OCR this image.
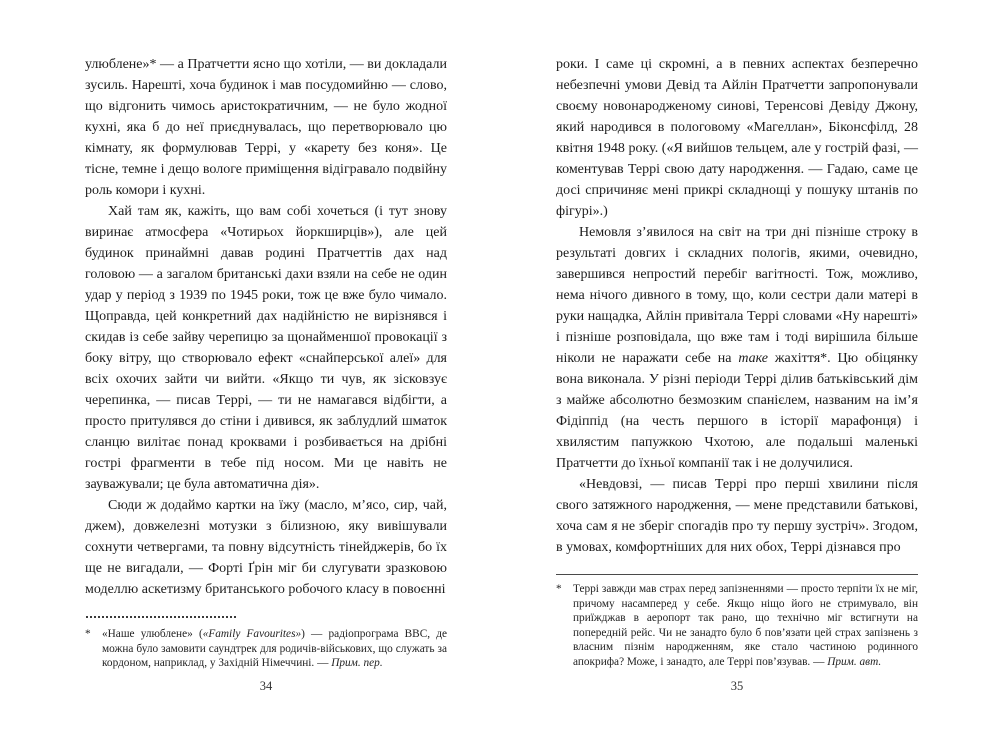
улюблене»* — а Пратчетти ясно що хотіли, — ви докладали зусиль. Нарешті, хоча будинок і мав посудомийню — слово, що відгонить чимось аристократичним, — не було жодної кухні, яка б до неї приєднувалась, що перетворювало цю кімнату, як формулював Террі, у «карету без коня». Це тісне, темне і дещо вологе приміщення відігравало подвійну роль комори і кухні.

Хай там як, кажіть, що вам собі хочеться (і тут знову виринає атмосфера «Чотирьох йоркширців»), але цей будинок принаймні давав родині Пратчеттів дах над головою — а загалом британські дахи взяли на себе не один удар у період з 1939 по 1945 роки, тож це вже було чимало. Щоправда, цей конкретний дах надійністю не вирізнявся і скидав із себе зайву черепицю за щонайменшої провокації з боку вітру, що створювало ефект «снайперської алеї» для всіх охочих зайти чи вийти. «Якщо ти чув, як зісковзує черепинка, — писав Террі, — ти не намагався відбігти, а просто притулявся до стіни і дивився, як заблудлий шматок сланцю вилітає понад кроквами і розбивається на дрібні гострі фрагменти в тебе під носом. Ми це навіть не зауважували; це була автоматична дія».

Сюди ж додаймо картки на їжу (масло, м’ясо, сир, чай, джем), довжелезні мотузки з білизною, яку вивішували сохнути четвергами, та повну відсутність тінейджерів, бо їх ще не вигадали, — Форті Ґрін міг би слугувати зразковою моделлю аскетизму британського робочого класу в повоєнні

*	«Наше улюблене» («Family Favourites») — радіопрограма BBC, де можна було замовити саундтрек для родичів-військових, що служать за кордоном, наприклад, у Західній Німеччині. — Прим. пер.

роки. І саме ці скромні, а в певних аспектах безперечно небезпечні умови Девід та Айлін Пратчетти запропонували своєму новонародженому синові, Теренсові Девіду Джону, який народився в пологовому «Магеллан», Біконсфілд, 28 квітня 1948 року. («Я вийшов тельцем, але у гострій фазі, — коментував Террі свою дату народження. — Гадаю, саме це досі спричиняє мені прикрі складнощі у пошуку штанів по фігурі».)

Немовля з’явилося на світ на три дні пізніше строку в результаті довгих і складних пологів, якими, очевидно, завершився непростий перебіг вагітності. Тож, можливо, нема нічого дивного в тому, що, коли сестри дали матері в руки нащадка, Айлін привітала Террі словами «Ну нарешті» і пізніше розповідала, що вже там і тоді вирішила більше ніколи не наражати себе на таке жахіття*. Цю обіцянку вона виконала. У різні періоди Террі ділив батьківський дім з майже абсолютно безмозким спанієлем, названим на ім’я Фідіппід (на честь першого в історії марафонця) і хвилястим папужкою Чхотою, але подальші маленькі Пратчетти до їхньої компанії так і не долучилися.

«Невдовзі, — писав Террі про перші хвилини після свого затяжного народження, — мене представили батькові, хоча сам я не зберіг спогадів про ту першу зустріч». Згодом, в умовах, комфортніших для них обох, Террі дізнався про

*	Террі завжди мав страх перед запізненнями — просто терпіти їх не міг, причому насамперед у себе. Якщо ніщо його не стримувало, він приїжджав в аеропорт так рано, що технічно міг встигнути на попередній рейс. Чи не занадто було б пов’язати цей страх запізнень з власним пізнім народженням, яке стало частиною родинного апокрифа? Може, і занадто, але Террі пов’язував. — Прим. авт.
34	35
